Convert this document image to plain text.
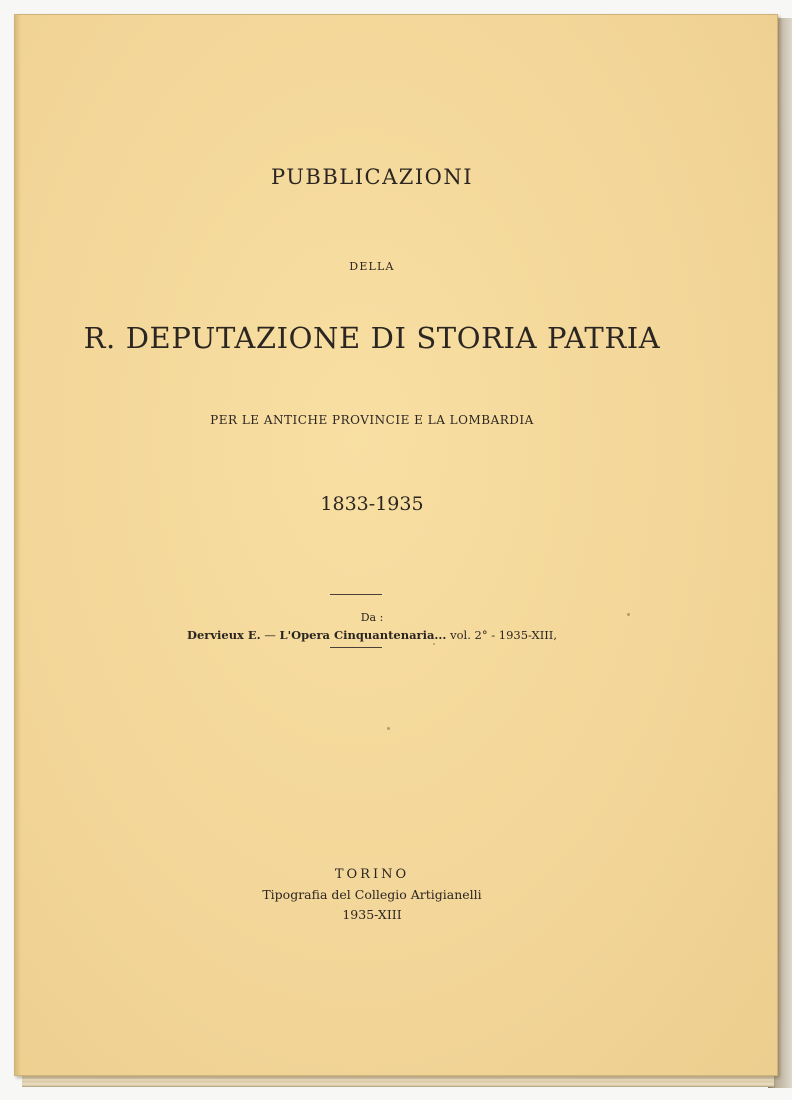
PUBBLICAZIONI
DELLA
R. DEPUTAZIONE DI STORIA PATRIA
PER LE ANTICHE PROVINCIE E LA LOMBARDIA
1833-1935
Da :
Dervieux E. — L'Opera Cinquantenaria... vol. 2° - 1935-XIII,
TORINO
Tipografia del Collegio Artigianelli
1935-XIII
